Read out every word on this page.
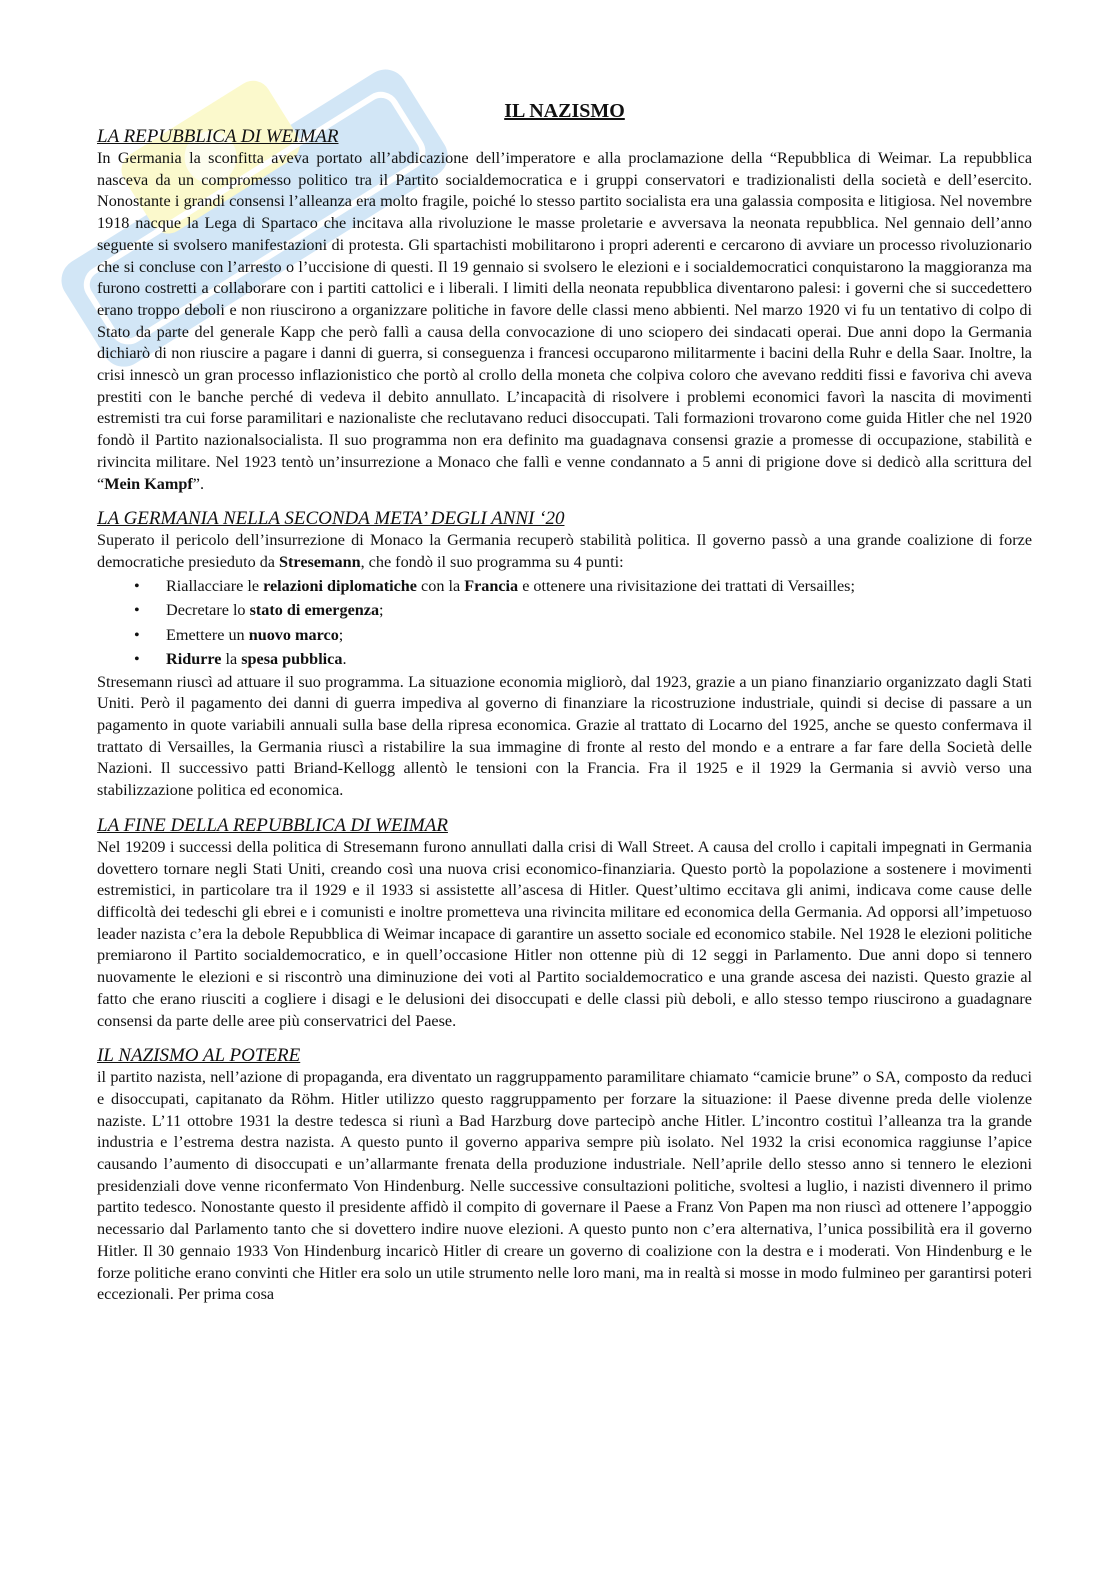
IL NAZISMO
LA REPUBBLICA DI WEIMAR

In Germania la sconfitta aveva portato all’abdicazione dell’imperatore e alla proclamazione della “Repubblica di Weimar. La repubblica nasceva da un compromesso politico tra il Partito socialdemocratica e i gruppi conservatori e tradizionalisti della società e dell’esercito. Nonostante i grandi consensi l’alleanza era molto fragile, poiché lo stesso partito socialista era una galassia composita e litigiosa. Nel novembre 1918 nacque la Lega di Spartaco che incitava alla rivoluzione le masse proletarie e avversava la neonata repubblica. Nel gennaio dell’anno seguente si svolsero manifestazioni di protesta. Gli spartachisti mobilitarono i propri aderenti e cercarono di avviare un processo rivoluzionario che si concluse con l’arresto o l’uccisione di questi. Il 19 gennaio si svolsero le elezioni e i socialdemocratici conquistarono la maggioranza ma furono costretti a collaborare con i partiti cattolici e i liberali. I limiti della neonata repubblica diventarono palesi: i governi che si succedettero erano troppo deboli e non riuscirono a organizzare politiche in favore delle classi meno abbienti. Nel marzo 1920 vi fu un tentativo di colpo di Stato da parte del generale Kapp che però fallì a causa della convocazione di uno sciopero dei sindacati operai. Due anni dopo la Germania dichiarò di non riuscire a pagare i danni di guerra, si conseguenza i francesi occuparono militarmente i bacini della Ruhr e della Saar. Inoltre, la crisi innescò un gran processo inflazionistico che portò al crollo della moneta che colpiva coloro che avevano redditi fissi e favoriva chi aveva prestiti con le banche perché di vedeva il debito annullato. L’incapacità di risolvere i problemi economici favorì la nascita di movimenti estremisti tra cui forse paramilitari e nazionaliste che reclutavano reduci disoccupati. Tali formazioni trovarono come guida Hitler che nel 1920 fondò il Partito nazionalsocialista. Il suo programma non era definito ma guadagnava consensi grazie a promesse di occupazione, stabilità e rivincita militare. Nel 1923 tentò un’insurrezione a Monaco che fallì e venne condannato a 5 anni di prigione dove si dedicò alla scrittura del “Mein Kampf”.

LA GERMANIA NELLA SECONDA META’ DEGLI ANNI ‘20

Superato il pericolo dell’insurrezione di Monaco la Germania recuperò stabilità politica. Il governo passò a una grande coalizione di forze democratiche presieduto da Stresemann, che fondò il suo programma su 4 punti:

• Riallacciare le relazioni diplomatiche con la Francia e ottenere una rivisitazione dei trattati di Versailles;
• Decretare lo stato di emergenza;
• Emettere un nuovo marco;
• Ridurre la spesa pubblica.

Stresemann riuscì ad attuare il suo programma. La situazione economia migliorò, dal 1923, grazie a un piano finanziario organizzato dagli Stati Uniti. Però il pagamento dei danni di guerra impediva al governo di finanziare la ricostruzione industriale, quindi si decise di passare a un pagamento in quote variabili annuali sulla base della ripresa economica. Grazie al trattato di Locarno del 1925, anche se questo confermava il trattato di Versailles, la Germania riuscì a ristabilire la sua immagine di fronte al resto del mondo e a entrare a far fare della Società delle Nazioni. Il successivo patti Briand-Kellogg allentò le tensioni con la Francia. Fra il 1925 e il 1929 la Germania si avviò verso una stabilizzazione politica ed economica.

LA FINE DELLA REPUBBLICA DI WEIMAR

Nel 19209 i successi della politica di Stresemann furono annullati dalla crisi di Wall Street. A causa del crollo i capitali impegnati in Germania dovettero tornare negli Stati Uniti, creando così una nuova crisi economico-finanziaria. Questo portò la popolazione a sostenere i movimenti estremistici, in particolare tra il 1929 e il 1933 si assistette all’ascesa di Hitler. Quest’ultimo eccitava gli animi, indicava come cause delle difficoltà dei tedeschi gli ebrei e i comunisti e inoltre prometteva una rivincita militare ed economica della Germania. Ad opporsi all’impetuoso leader nazista c’era la debole Repubblica di Weimar incapace di garantire un assetto sociale ed economico stabile. Nel 1928 le elezioni politiche premiarono il Partito socialdemocratico, e in quell’occasione Hitler non ottenne più di 12 seggi in Parlamento. Due anni dopo si tennero nuovamente le elezioni e si riscontrò una diminuzione dei voti al Partito socialdemocratico e una grande ascesa dei nazisti. Questo grazie al fatto che erano riusciti a cogliere i disagi e le delusioni dei disoccupati e delle classi più deboli, e allo stesso tempo riuscirono a guadagnare consensi da parte delle aree più conservatrici del Paese.

IL NAZISMO AL POTERE

il partito nazista, nell’azione di propaganda, era diventato un raggruppamento paramilitare chiamato “camicie brune” o SA, composto da reduci e disoccupati, capitanato da Röhm. Hitler utilizzo questo raggruppamento per forzare la situazione: il Paese divenne preda delle violenze naziste. L’11 ottobre 1931 la destre tedesca si riunì a Bad Harzburg dove partecipò anche Hitler. L’incontro costituì l’alleanza tra la grande industria e l’estrema destra nazista. A questo punto il governo appariva sempre più isolato. Nel 1932 la crisi economica raggiunse l’apice causando l’aumento di disoccupati e un’allarmante frenata della produzione industriale. Nell’aprile dello stesso anno si tennero le elezioni presidenziali dove venne riconfermato Von Hindenburg. Nelle successive consultazioni politiche, svoltesi a luglio, i nazisti divennero il primo partito tedesco. Nonostante questo il presidente affidò il compito di governare il Paese a Franz Von Papen ma non riuscì ad ottenere l’appoggio necessario dal Parlamento tanto che si dovettero indire nuove elezioni. A questo punto non c’era alternativa, l’unica possibilità era il governo Hitler. Il 30 gennaio 1933 Von Hindenburg incaricò Hitler di creare un governo di coalizione con la destra e i moderati. Von Hindenburg e le forze politiche erano convinti che Hitler era solo un utile strumento nelle loro mani, ma in realtà si mosse in modo fulmineo per garantirsi poteri eccezionali. Per prima cosa
